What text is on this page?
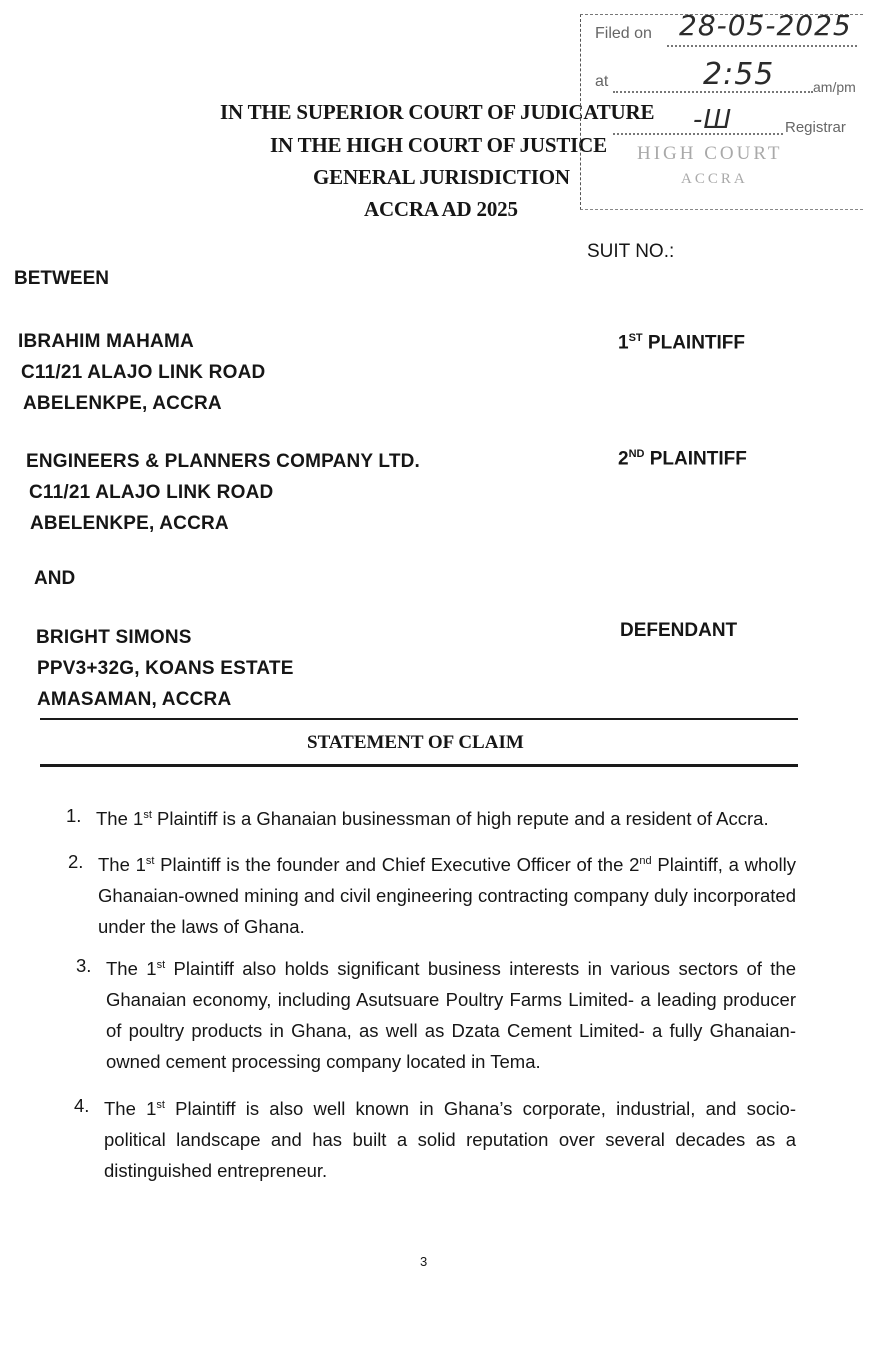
IN THE SUPERIOR COURT OF JUDICATURE
IN THE HIGH COURT OF JUSTICE
GENERAL JURISDICTION
ACCRA AD 2025
Filed on 28-05-2025
at	2:55	am/pm
-Ш	Registrar
HIGH COURT
ACCRA
SUIT NO.:
BETWEEN
IBRAHIM MAHAMA
C11/21 ALAJO LINK ROAD
ABELENKPE, ACCRA
1ST PLAINTIFF
ENGINEERS & PLANNERS COMPANY LTD.
C11/21 ALAJO LINK ROAD
ABELENKPE, ACCRA
2ND PLAINTIFF
AND
BRIGHT SIMONS
PPV3+32G, KOANS ESTATE
AMASAMAN, ACCRA
DEFENDANT
STATEMENT OF CLAIM
1. The 1st Plaintiff is a Ghanaian businessman of high repute and a resident of Accra.
2. The 1st Plaintiff is the founder and Chief Executive Officer of the 2nd Plaintiff, a wholly Ghanaian-owned mining and civil engineering contracting company duly incorporated under the laws of Ghana.
3. The 1st Plaintiff also holds significant business interests in various sectors of the Ghanaian economy, including Asutsuare Poultry Farms Limited- a leading producer of poultry products in Ghana, as well as Dzata Cement Limited- a fully Ghanaian-owned cement processing company located in Tema.
4. The 1st Plaintiff is also well known in Ghana’s corporate, industrial, and socio-political landscape and has built a solid reputation over several decades as a distinguished entrepreneur.
3
